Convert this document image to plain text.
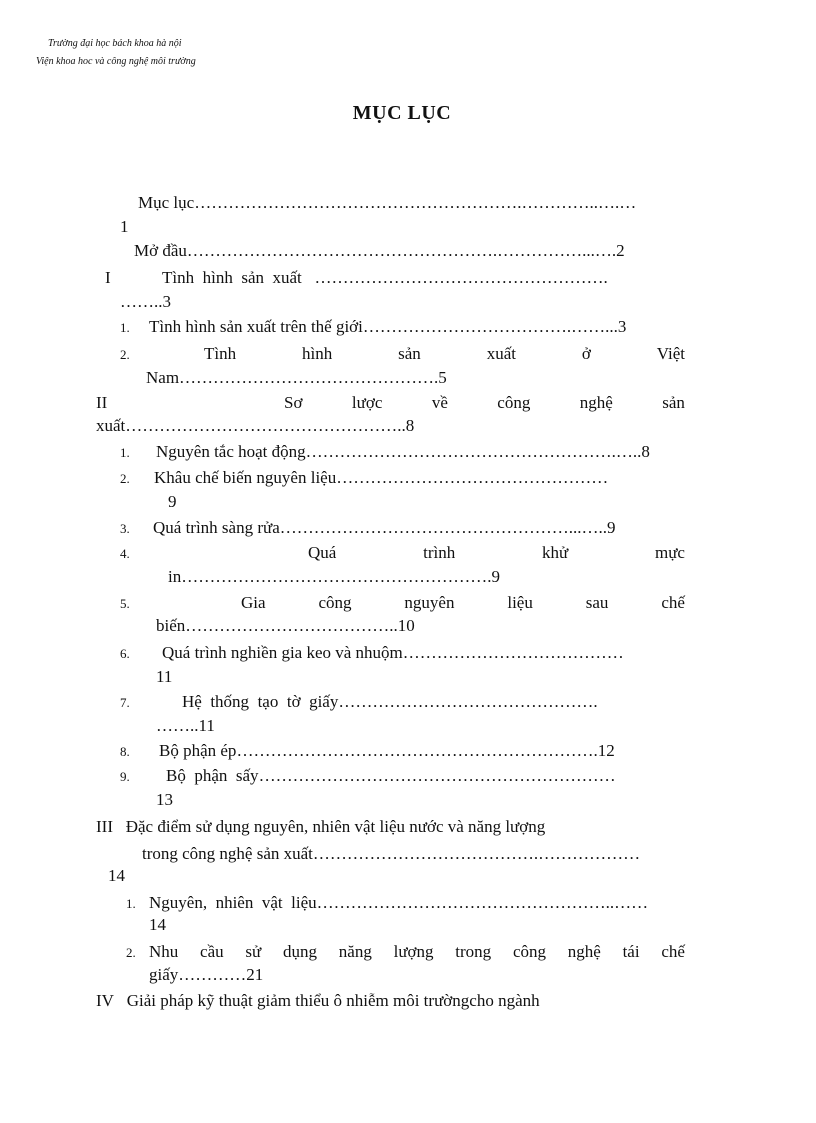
Trường đại học bách khoa hà nội
Viện khoa hoc và công nghệ môi trường
MỤC LỤC
Mục lục………………………………………………….…………..….…
1
Mở đầu……………………………………………….……………...….2
I	Tình hình sản xuất …………………………………………….
……..3
1. Tình hình sản xuất trên thế giới……………………………….……...3
2.	Tình	hình	sản	xuất	ở	Việt
Nam……………………………………….5
II	Sơ	lược	về	công	nghệ	sản
xuất…………………………………………..8
1. Nguyên tắc hoạt động……………………………………………….…..8
2. Khâu chế biến nguyên liệu…………………………………………
9
3. Quá trình sàng rửa……………………………………………...…..9
4.	Quá	trình	khử	mực
in……………………………………………….9
5.	Gia	công	nguyên	liệu	sau	chế
biến………………………………..10
6. Quá trình nghiền gia keo và nhuộm…………………………………
11
7.	Hệ thống tạo tờ giấy……………………………………….
……..11
8. Bộ phận ép……………………………………………………….12
9. Bộ phận sấy………………………………………………………
13
III Đặc điểm sử dụng nguyên, nhiên vật liệu nước và năng lượng
trong công nghệ sản xuất………………………………….………………
14
1. Nguyên, nhiên vật liệu……………………………………………..……
14
2. Nhu cầu sử dụng năng lượng trong công nghệ tái chế
giấy…………21
IV Giải pháp kỹ thuật giảm thiểu ô nhiễm môi trườngcho ngành
